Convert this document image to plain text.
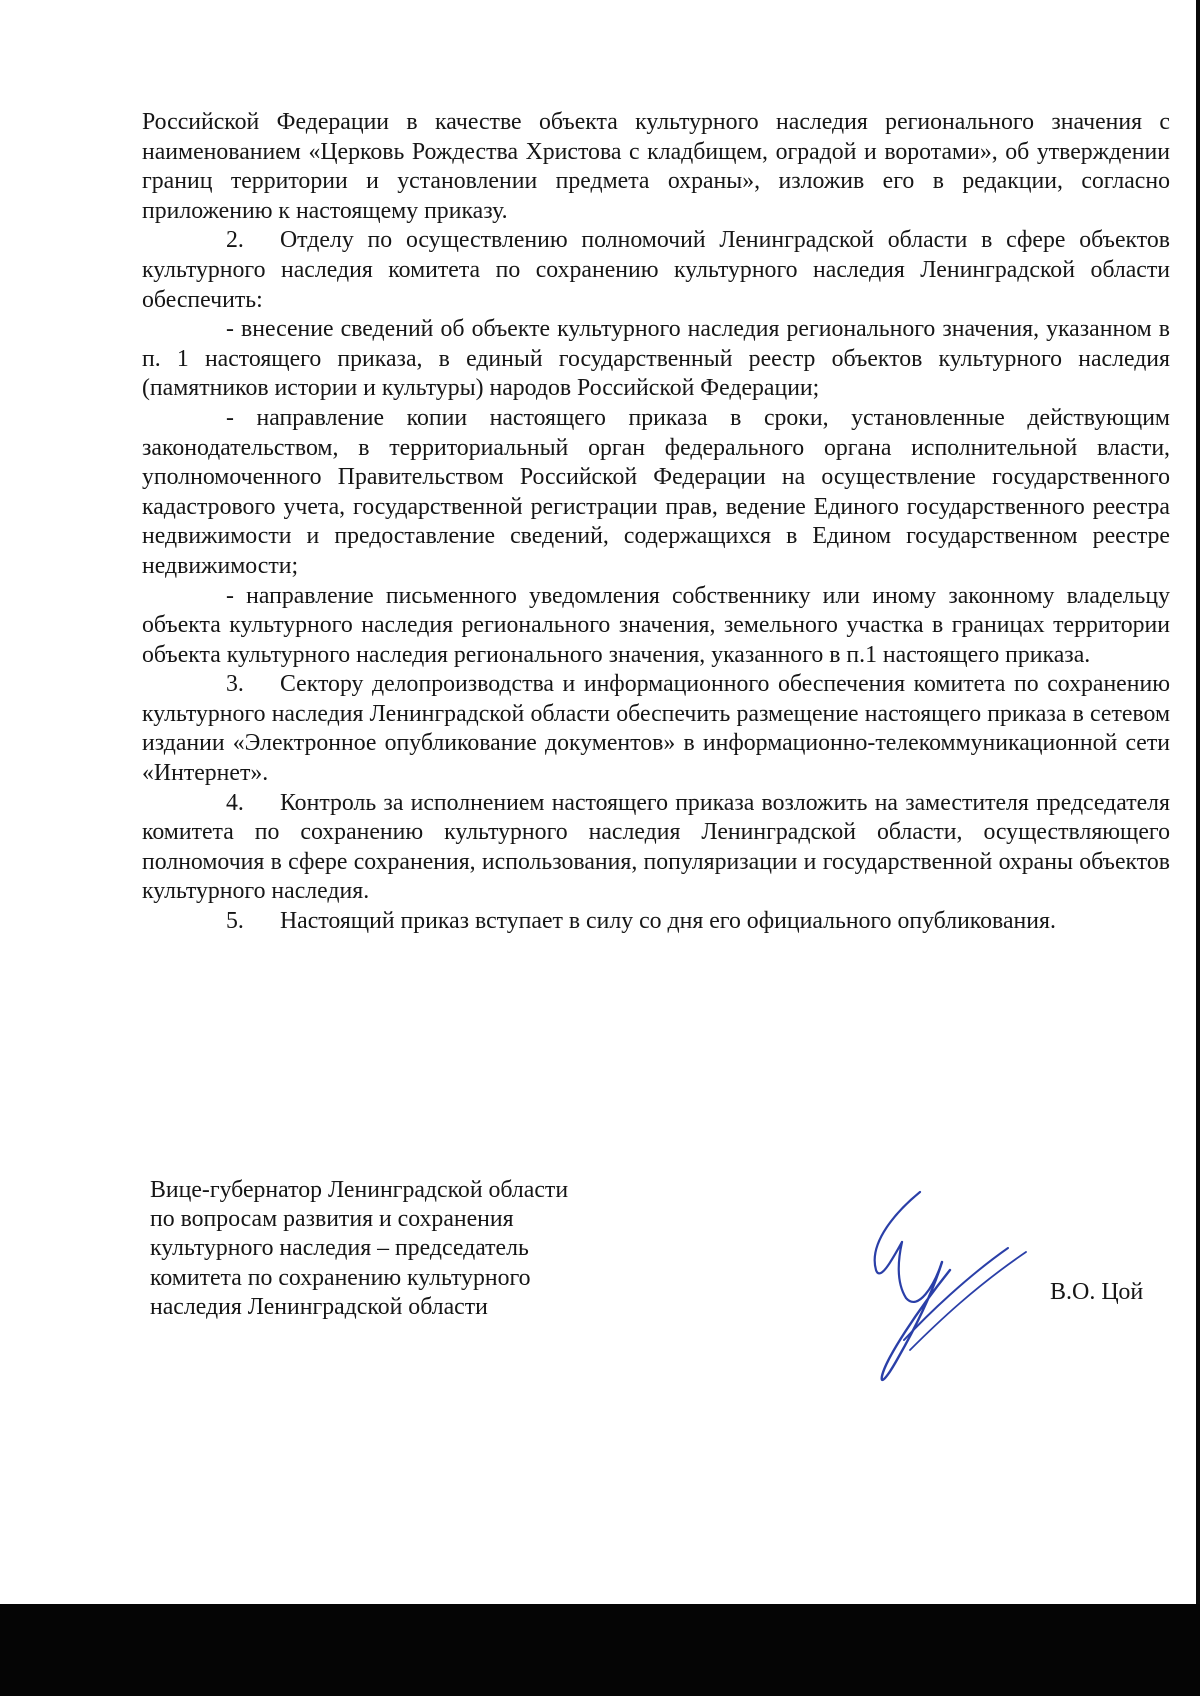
Российской Федерации в качестве объекта культурного наследия регионального значения с наименованием «Церковь Рождества Христова с кладбищем, оградой и воротами», об утверждении границ территории и установлении предмета охраны», изложив его в редакции, согласно приложению к настоящему приказу.

2. Отделу по осуществлению полномочий Ленинградской области в сфере объектов культурного наследия комитета по сохранению культурного наследия Ленинградской области обеспечить:

- внесение сведений об объекте культурного наследия регионального значения, указанном в п. 1 настоящего приказа, в единый государственный реестр объектов культурного наследия (памятников истории и культуры) народов Российской Федерации;

- направление копии настоящего приказа в сроки, установленные действующим законодательством, в территориальный орган федерального органа исполнительной власти, уполномоченного Правительством Российской Федерации на осуществление государственного кадастрового учета, государственной регистрации прав, ведение Единого государственного реестра недвижимости и предоставление сведений, содержащихся в Едином государственном реестре недвижимости;

- направление письменного уведомления собственнику или иному законному владельцу объекта культурного наследия регионального значения, земельного участка в границах территории объекта культурного наследия регионального значения, указанного в п.1 настоящего приказа.

3. Сектору делопроизводства и информационного обеспечения комитета по сохранению культурного наследия Ленинградской области обеспечить размещение настоящего приказа в сетевом издании «Электронное опубликование документов» в информационно-телекоммуникационной сети «Интернет».

4. Контроль за исполнением настоящего приказа возложить на заместителя председателя комитета по сохранению культурного наследия Ленинградской области, осуществляющего полномочия в сфере сохранения, использования, популяризации и государственной охраны объектов культурного наследия.

5. Настоящий приказ вступает в силу со дня его официального опубликования.

Вице-губернатор Ленинградской области
по вопросам развития и сохранения
культурного наследия – председатель
комитета по сохранению культурного
наследия Ленинградской области
В.О. Цой
